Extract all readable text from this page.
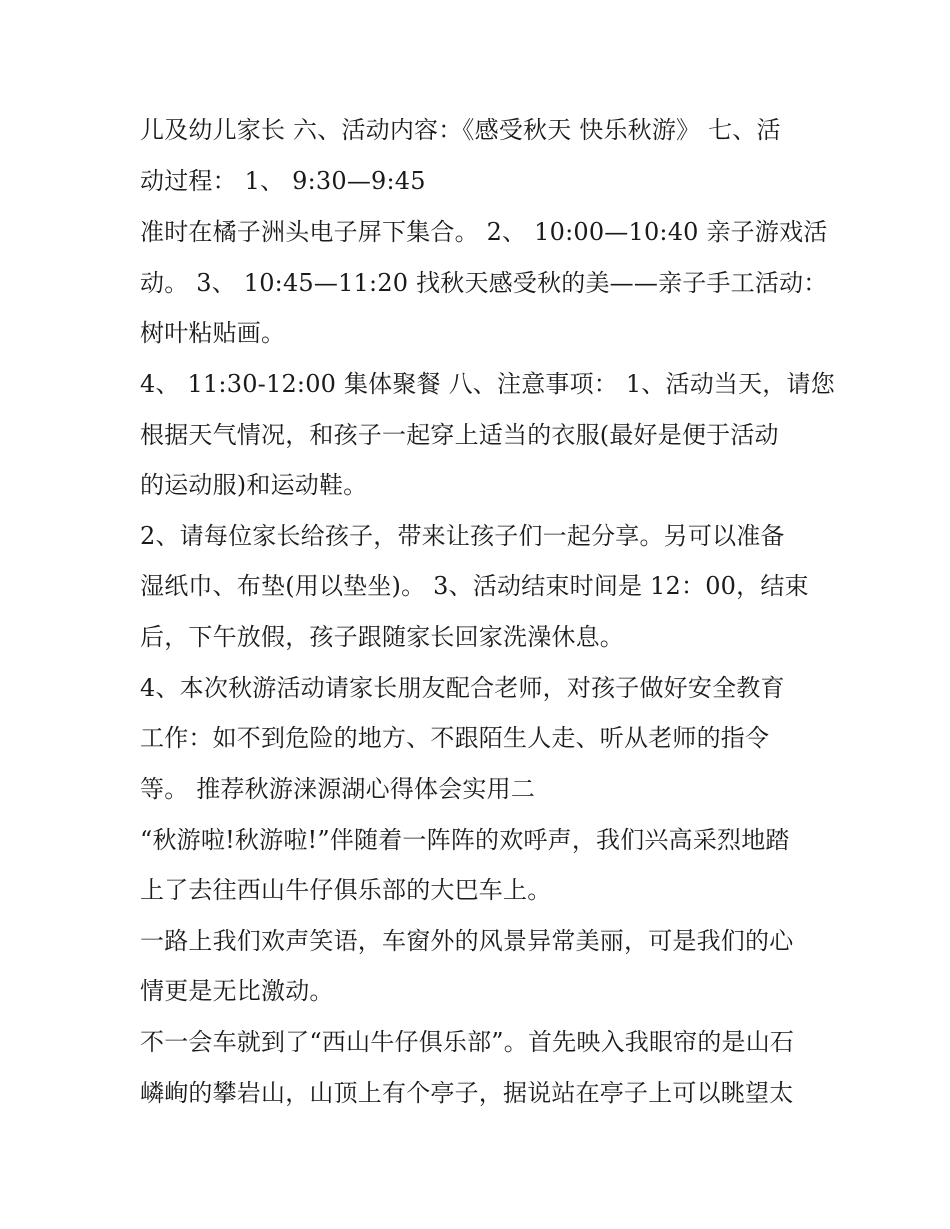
儿及幼儿家长 六、活动内容：《感受秋天 快乐秋游》 七、活
动过程： 1、 9:30—9:45
准时在橘子洲头电子屏下集合。 2、 10:00—10:40 亲子游戏活
动。 3、 10:45—11:20 找秋天感受秋的美——亲子手工活动：
树叶粘贴画。
4、 11:30-12:00 集体聚餐 八、注意事项： 1、活动当天，请您
根据天气情况，和孩子一起穿上适当的衣服(最好是便于活动
的运动服)和运动鞋。
2、请每位家长给孩子，带来让孩子们一起分享。另可以准备
湿纸巾、布垫(用以垫坐)。 3、活动结束时间是 12：00，结束
后，下午放假，孩子跟随家长回家洗澡休息。
4、本次秋游活动请家长朋友配合老师，对孩子做好安全教育
工作：如不到危险的地方、不跟陌生人走、听从老师的指令
等。 推荐秋游涞源湖心得体会实用二
“秋游啦!秋游啦!”伴随着一阵阵的欢呼声，我们兴高采烈地踏
上了去往西山牛仔俱乐部的大巴车上。
一路上我们欢声笑语，车窗外的风景异常美丽，可是我们的心
情更是无比激动。
不一会车就到了“西山牛仔俱乐部”。首先映入我眼帘的是山石
嶙峋的攀岩山，山顶上有个亭子，据说站在亭子上可以眺望太
